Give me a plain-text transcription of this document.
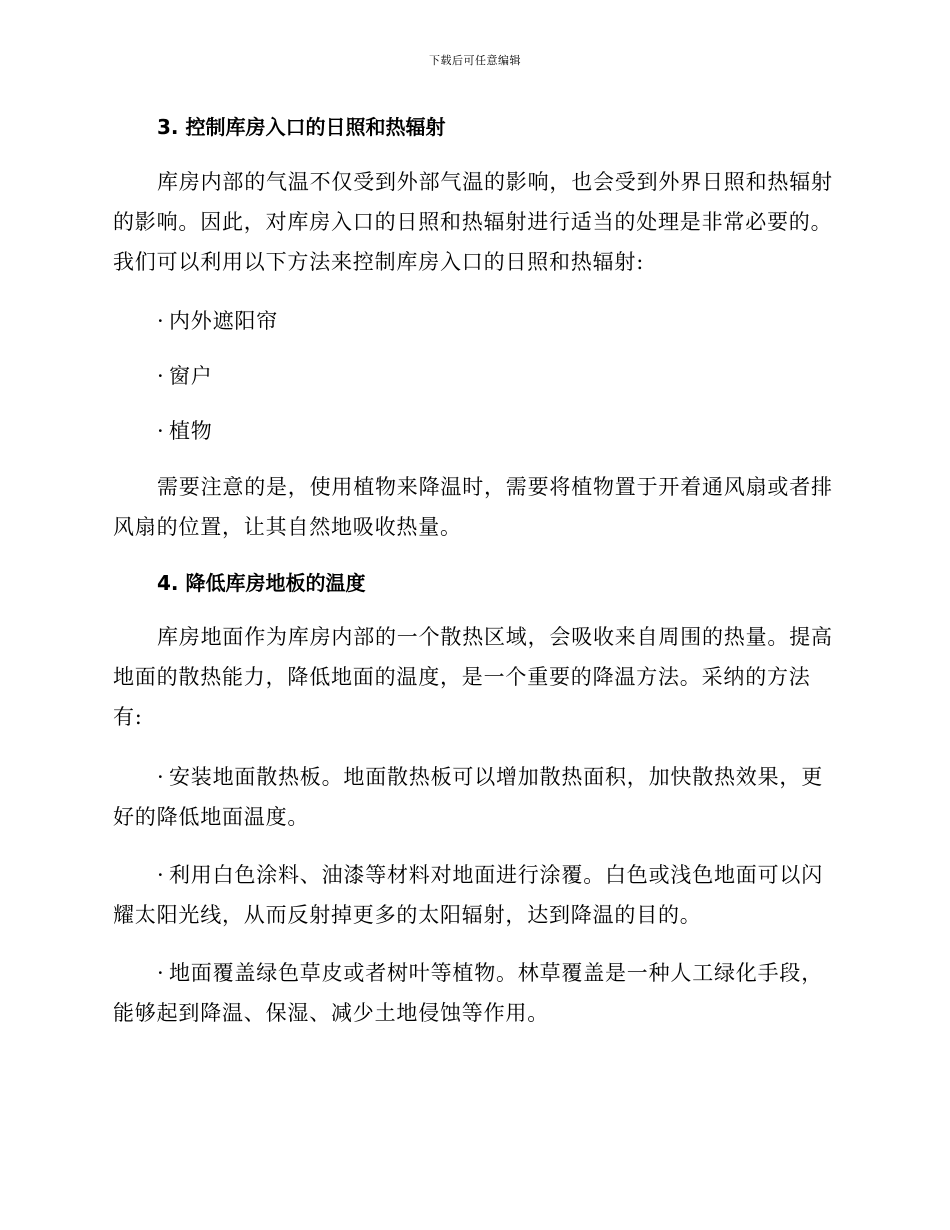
下载后可任意编辑
3. 控制库房入口的日照和热辐射
库房内部的气温不仅受到外部气温的影响，也会受到外界日照和热辐射
的影响。因此，对库房入口的日照和热辐射进行适当的处理是非常必要的。
我们可以利用以下方法来控制库房入口的日照和热辐射:
· 内外遮阳帘
· 窗户
· 植物
需要注意的是，使用植物来降温时，需要将植物置于开着通风扇或者排
风扇的位置，让其自然地吸收热量。
4. 降低库房地板的温度
库房地面作为库房内部的一个散热区域，会吸收来自周围的热量。提高
地面的散热能力，降低地面的温度，是一个重要的降温方法。采纳的方法
有:
· 安装地面散热板。地面散热板可以增加散热面积，加快散热效果，更
好的降低地面温度。
· 利用白色涂料、油漆等材料对地面进行涂覆。白色或浅色地面可以闪
耀太阳光线，从而反射掉更多的太阳辐射，达到降温的目的。
· 地面覆盖绿色草皮或者树叶等植物。林草覆盖是一种人工绿化手段，
能够起到降温、保湿、减少土地侵蚀等作用。
